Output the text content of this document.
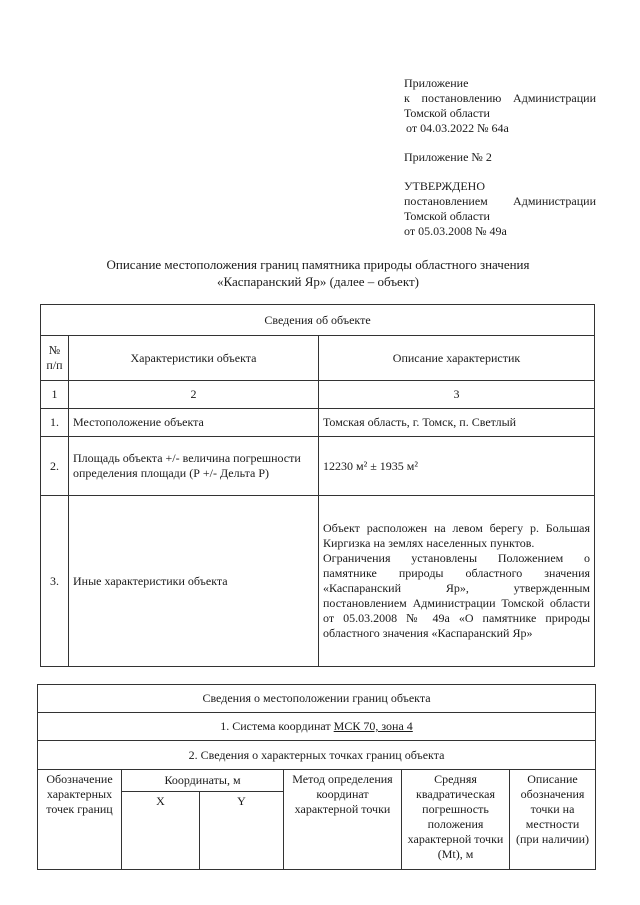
Приложение

к постановлению Администрации

Томской области

от 04.03.2022 № 64а

Приложение № 2

УТВЕРЖДЕНО

постановлением Администрации

Томской области

от 05.03.2008 № 49а

Описание местоположения границ памятника природы областного значения

«Каспаранский Яр» (далее – объект)

Сведения об объекте		
№ п/п	Характеристики объекта	Описание характеристик
1	2	3
1.	Местоположение объекта	Томская область, г. Томск, п. Светлый
2.	Площадь объекта +/- величина погрешности определения площади (Р +/- Дельта Р)	12230 м² ± 1935 м²
3.	Иные характеристики объекта	Объект расположен на левом берегу р. Большая Киргизка на землях населенных пунктов.

Ограничения установлены Положением о памятнике природы областного значения «Каспаранский Яр», утвержденным постановлением Администрации Томской области от 05.03.2008 № 49а «О памятнике природы областного значения «Каспаранский Яр»

Сведения о местоположении границ объекта					
1. Система координат МСК 70, зона 4					
2. Сведения о характерных точках границ объекта					
Обозначение характерных точек границ	Координаты, м		Метод определения координат характерной точки	Средняя квадратическая погрешность положения характерной точки (Мt), м	Описание обозначения точки на местности (при наличии)
	X	Y			
